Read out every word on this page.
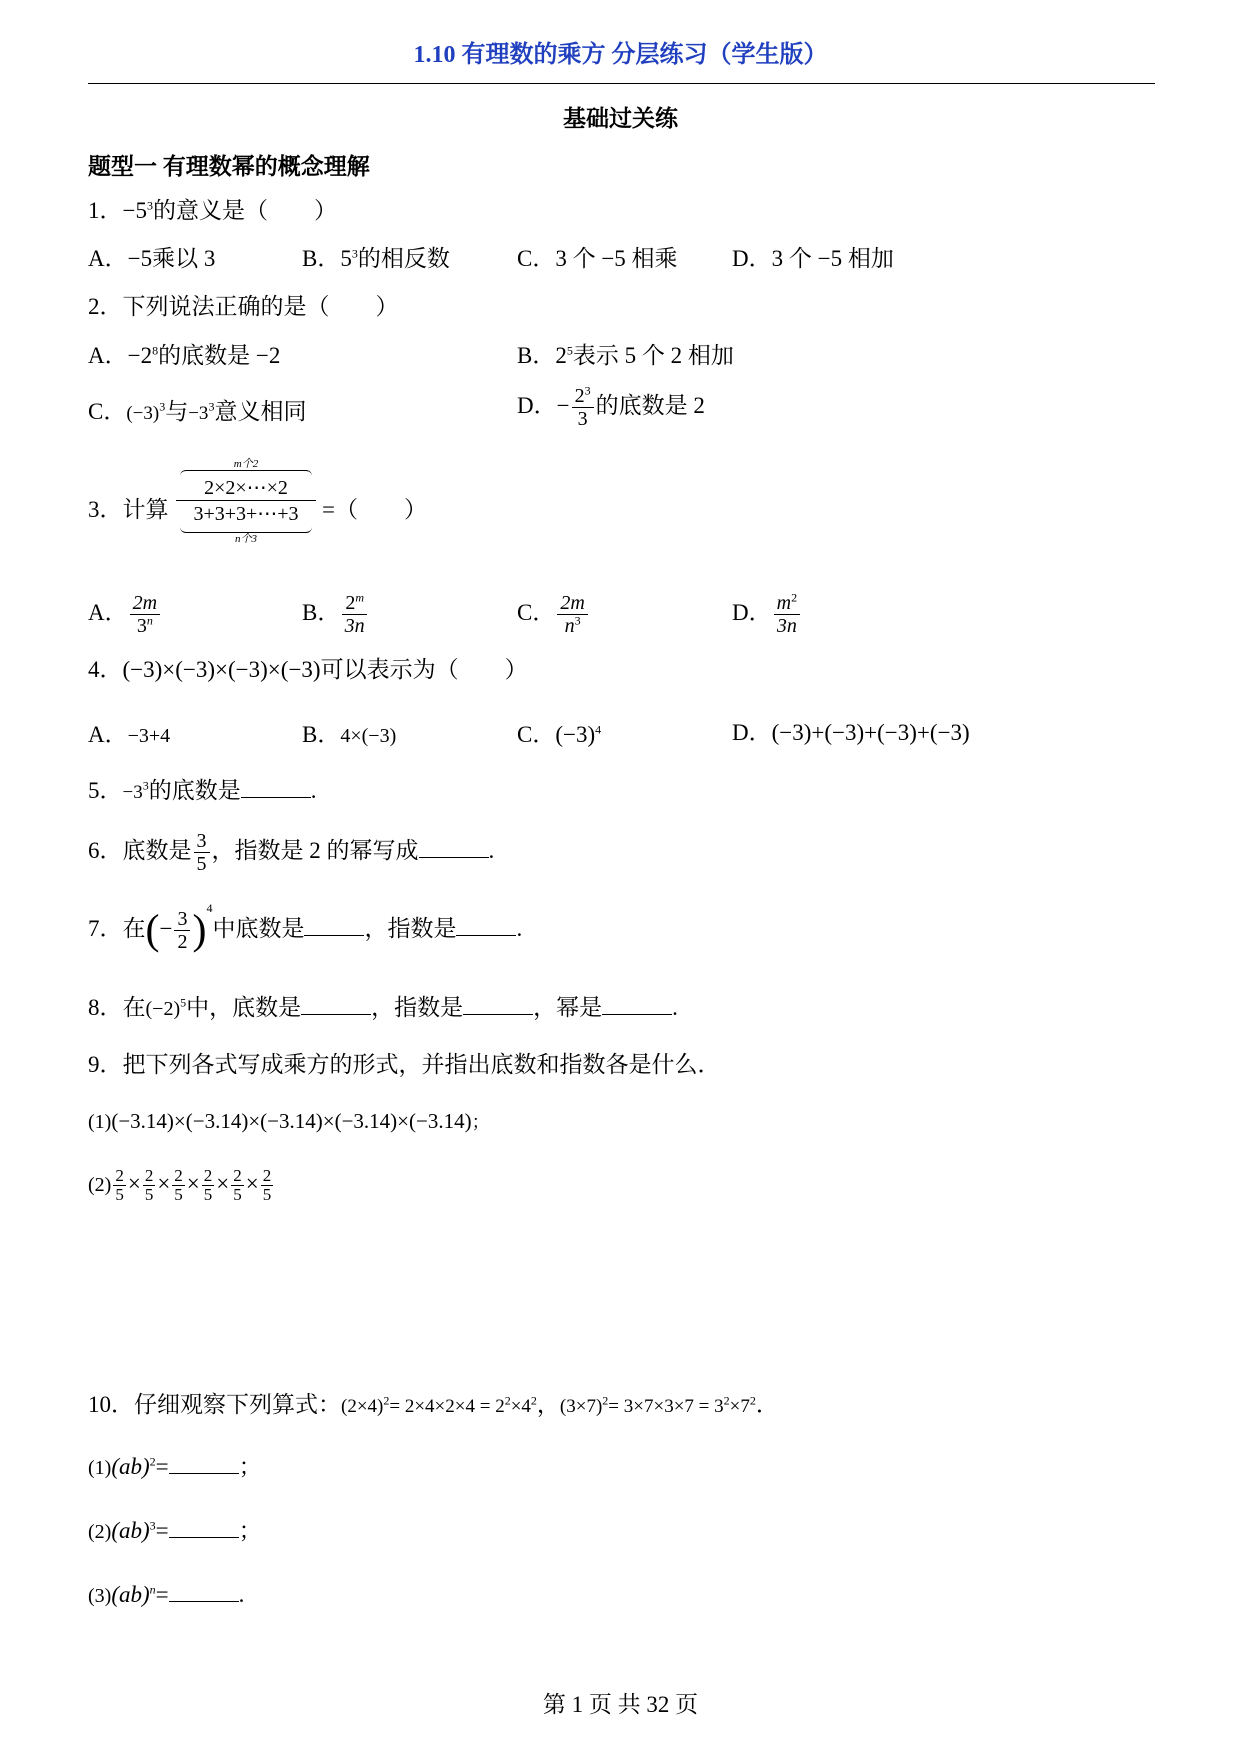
1.10 有理数的乘方 分层练习（学生版）
基础过关练
题型一 有理数幂的概念理解
1．$-5^3$的意义是（　　）
A．−5乘以 3	B．$5^3$的相反数	C．3 个 −5 相乘 D．3 个 −5 相加
2．下列说法正确的是（　　）
A．$-2^8$的底数是 −2	B．$2^5$表示 5 个 2 相加
C．$(-3)^3$与$-3^3$意义相同	D．− $\frac{2^3}{3}$ 的底数是 2
3．计算
m个2
2×2×⋯×2
3+3+3+⋯+3
n个3
=（　　）
A． $\frac{2m}{3^n}$	B． $\frac{2^m}{3n}$	C． $\frac{2m}{n^3}$	D． $\frac{m^2}{3n}$
4．(−3)×(−3)×(−3)×(−3)可以表示为（　　）
A．−3+4	B．4×(−3)	C．$(-3)^4$	D．(−3)+(−3)+(−3)+(−3)
5．$-3^3$的底数是	.
6．底数是 $\frac{3}{5}$ ，指数是 2 的幂写成	.
7．在(− $\frac{3}{2} )^4$中底数是	，指数是	.
8．在$(-2)^5$中，底数是	，指数是	，幂是	.
9．把下列各式写成乘方的形式，并指出底数和指数各是什么．
(1)(−3.14)×(−3.14)×(−3.14)×(−3.14)×(−3.14)；
$(2) \frac{2}{5} \times \frac{2}{5} \times \frac{2}{5} \times \frac{2}{5} \times \frac{2}{5} \times \frac{2}{5}$
10．仔细观察下列算式：$(2\times 4)^2= 2\times 4\times 2\times 4 = 2^2\times 4^2$，$(3\times 7)^2= 3\times 7\times 3\times 7 = 3^2\times 7^2$．
(1)(ab)$^2$=	；
(2)(ab)$^3$=	；
(3)(ab)$^n$=	.
第 1 页 共 32 页
